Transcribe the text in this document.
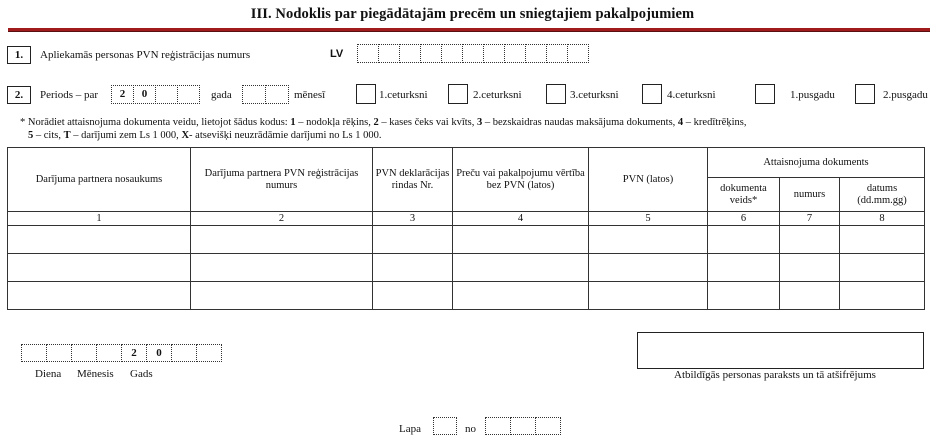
III. Nodoklis par piegādātajām precēm un sniegtajiem pakalpojumiem
1.	Apliekamās personas PVN reģistrācijas numurs	LV
2.	Periods – par	2	0	gada	mēnesī	1.ceturksni	2.ceturksni	3.ceturksni	4.ceturksni	1.pusgadu	2.pusgadu
* Norādiet attaisnojuma dokumenta veidu, lietojot šādus kodus: 1 – nodokļa rēķins, 2 – kases čeks vai kvīts, 3 – bezskaidras naudas maksājuma dokuments, 4 – kredītrēķins,
5 – cits, T – darījumi zem Ls 1 000, X- atsevišķi neuzrādāmie darījumi no Ls 1 000.
Darījuma partnera nosaukums	Darījuma partnera PVN reģistrācijas numurs	PVN deklarācijas rindas Nr.	Preču vai pakalpojumu vērtība bez PVN (latos)	PVN (latos)	Attaisnojuma dokuments		
					dokumenta veids*	numurs	datums (dd.mm.gg)
1	2	3	4	5	6	7	8

2	0
Diena Mēnesis Gads	Atbildīgās personas paraksts un tā atšifrējums
Lapa	no
